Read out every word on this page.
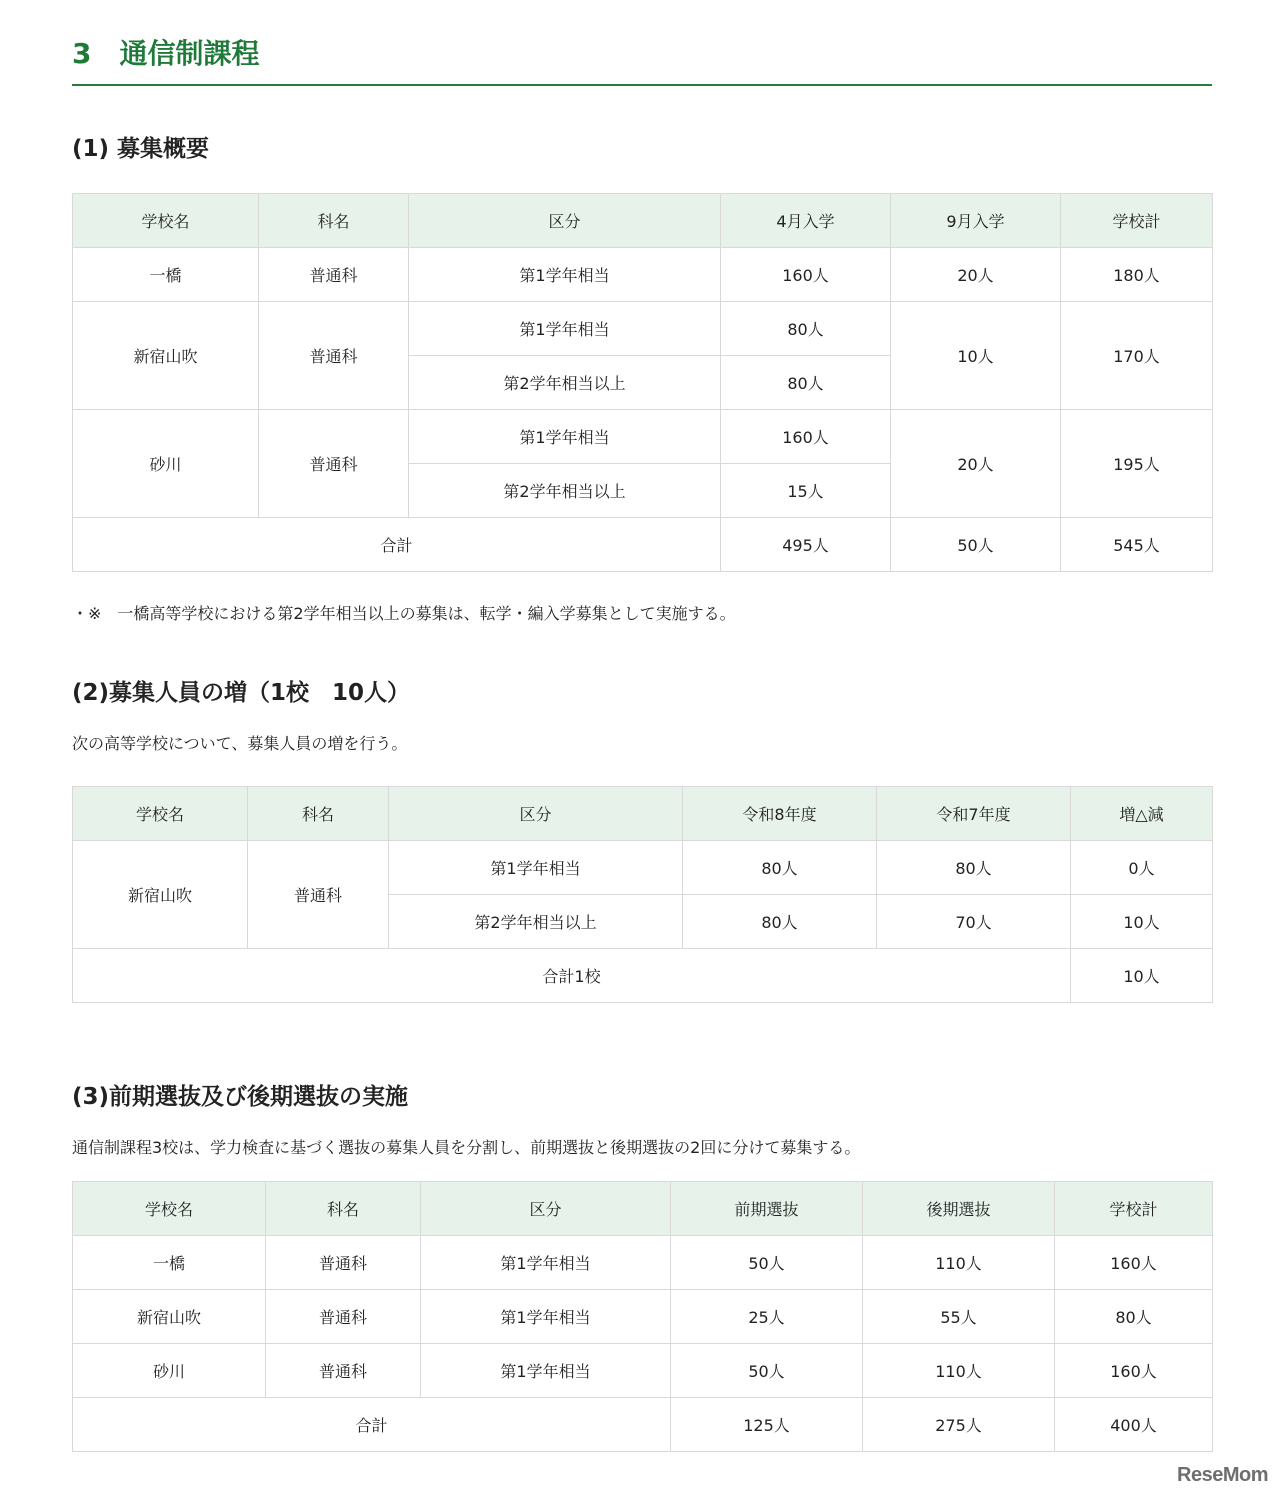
3　通信制課程
(1) 募集概要
学校名	科名	区分	4月入学	9月入学	学校計
一橋	普通科	第1学年相当	160人	20人	180人
新宿山吹	普通科	第1学年相当	80人	10人	170人
		第2学年相当以上	80人		
砂川	普通科	第1学年相当	160人	20人	195人
		第2学年相当以上	15人		
合計			495人	50人	545人

・※　一橋高等学校における第2学年相当以上の募集は、転学・編入学募集として実施する。

(2)募集人員の増（1校　10人）

次の高等学校について、募集人員の増を行う。

学校名	科名	区分	令和8年度	令和7年度	増△減
新宿山吹	普通科	第1学年相当	80人	80人	0人
		第2学年相当以上	80人	70人	10人
合計1校					10人
(3)前期選抜及び後期選抜の実施

通信制課程3校は、学力検査に基づく選抜の募集人員を分割し、前期選抜と後期選抜の2回に分けて募集する。

学校名	科名	区分	前期選抜	後期選抜	学校計
一橋	普通科	第1学年相当	50人	110人	160人
新宿山吹	普通科	第1学年相当	25人	55人	80人
砂川	普通科	第1学年相当	50人	110人	160人
合計			125人	275人	400人
ReseMom
